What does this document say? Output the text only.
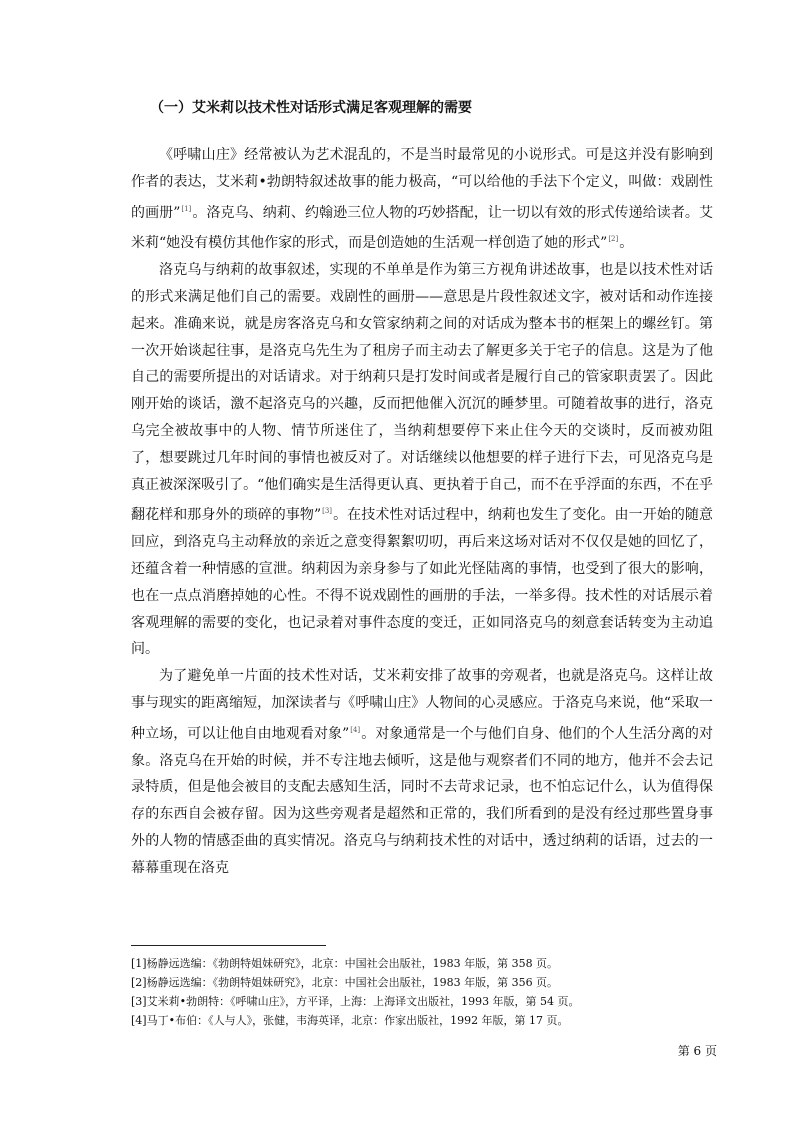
（一）艾米莉以技术性对话形式满足客观理解的需要

《呼啸山庄》经常被认为艺术混乱的，不是当时最常见的小说形式。可是这并没有影响到作者的表达，艾米莉•勃朗特叙述故事的能力极高，“可以给他的手法下个定义，叫做：戏剧性的画册”[1]。洛克乌、纳莉、约翰逊三位人物的巧妙搭配，让一切以有效的形式传递给读者。艾米莉“她没有模仿其他作家的形式，而是创造她的生活观一样创造了她的形式”[2]。

洛克乌与纳莉的故事叙述，实现的不单单是作为第三方视角讲述故事，也是以技术性对话的形式来满足他们自己的需要。戏剧性的画册——意思是片段性叙述文字，被对话和动作连接起来。准确来说，就是房客洛克乌和女管家纳莉之间的对话成为整本书的框架上的螺丝钉。第一次开始谈起往事，是洛克乌先生为了租房子而主动去了解更多关于宅子的信息。这是为了他自己的需要所提出的对话请求。对于纳莉只是打发时间或者是履行自己的管家职责罢了。因此刚开始的谈话，激不起洛克乌的兴趣，反而把他催入沉沉的睡梦里。可随着故事的进行，洛克乌完全被故事中的人物、情节所迷住了，当纳莉想要停下来止住今天的交谈时，反而被劝阻了，想要跳过几年时间的事情也被反对了。对话继续以他想要的样子进行下去，可见洛克乌是真正被深深吸引了。“他们确实是生活得更认真、更执着于自己，而不在乎浮面的东西，不在乎翻花样和那身外的琐碎的事物”[3]。在技术性对话过程中，纳莉也发生了变化。由一开始的随意回应，到洛克乌主动释放的亲近之意变得絮絮叨叨，再后来这场对话对不仅仅是她的回忆了，还蕴含着一种情感的宣泄。纳莉因为亲身参与了如此光怪陆离的事情，也受到了很大的影响，也在一点点消磨掉她的心性。不得不说戏剧性的画册的手法，一举多得。技术性的对话展示着客观理解的需要的变化，也记录着对事件态度的变迁，正如同洛克乌的刻意套话转变为主动追问。

为了避免单一片面的技术性对话，艾米莉安排了故事的旁观者，也就是洛克乌。这样让故事与现实的距离缩短，加深读者与《呼啸山庄》人物间的心灵感应。于洛克乌来说，他“采取一种立场，可以让他自由地观看对象”[4]。对象通常是一个与他们自身、他们的个人生活分离的对象。洛克乌在开始的时候，并不专注地去倾听，这是他与观察者们不同的地方，他并不会去记录特质，但是他会被目的支配去感知生活，同时不去苛求记录，也不怕忘记什么，认为值得保存的东西自会被存留。因为这些旁观者是超然和正常的，我们所看到的是没有经过那些置身事外的人物的情感歪曲的真实情况。洛克乌与纳莉技术性的对话中，透过纳莉的话语，过去的一幕幕重现在洛克

[1]杨静远选编：《勃朗特姐妹研究》，北京：中国社会出版社，1983 年版，第 358 页。
[2]杨静远选编：《勃朗特姐妹研究》，北京：中国社会出版社，1983 年版，第 356 页。
[3]艾米莉•勃朗特：《呼啸山庄》，方平译，上海：上海译文出版社，1993 年版，第 54 页。
[4]马丁•布伯：《人与人》，张健，韦海英译，北京：作家出版社，1992 年版，第 17 页。
第 6 页
